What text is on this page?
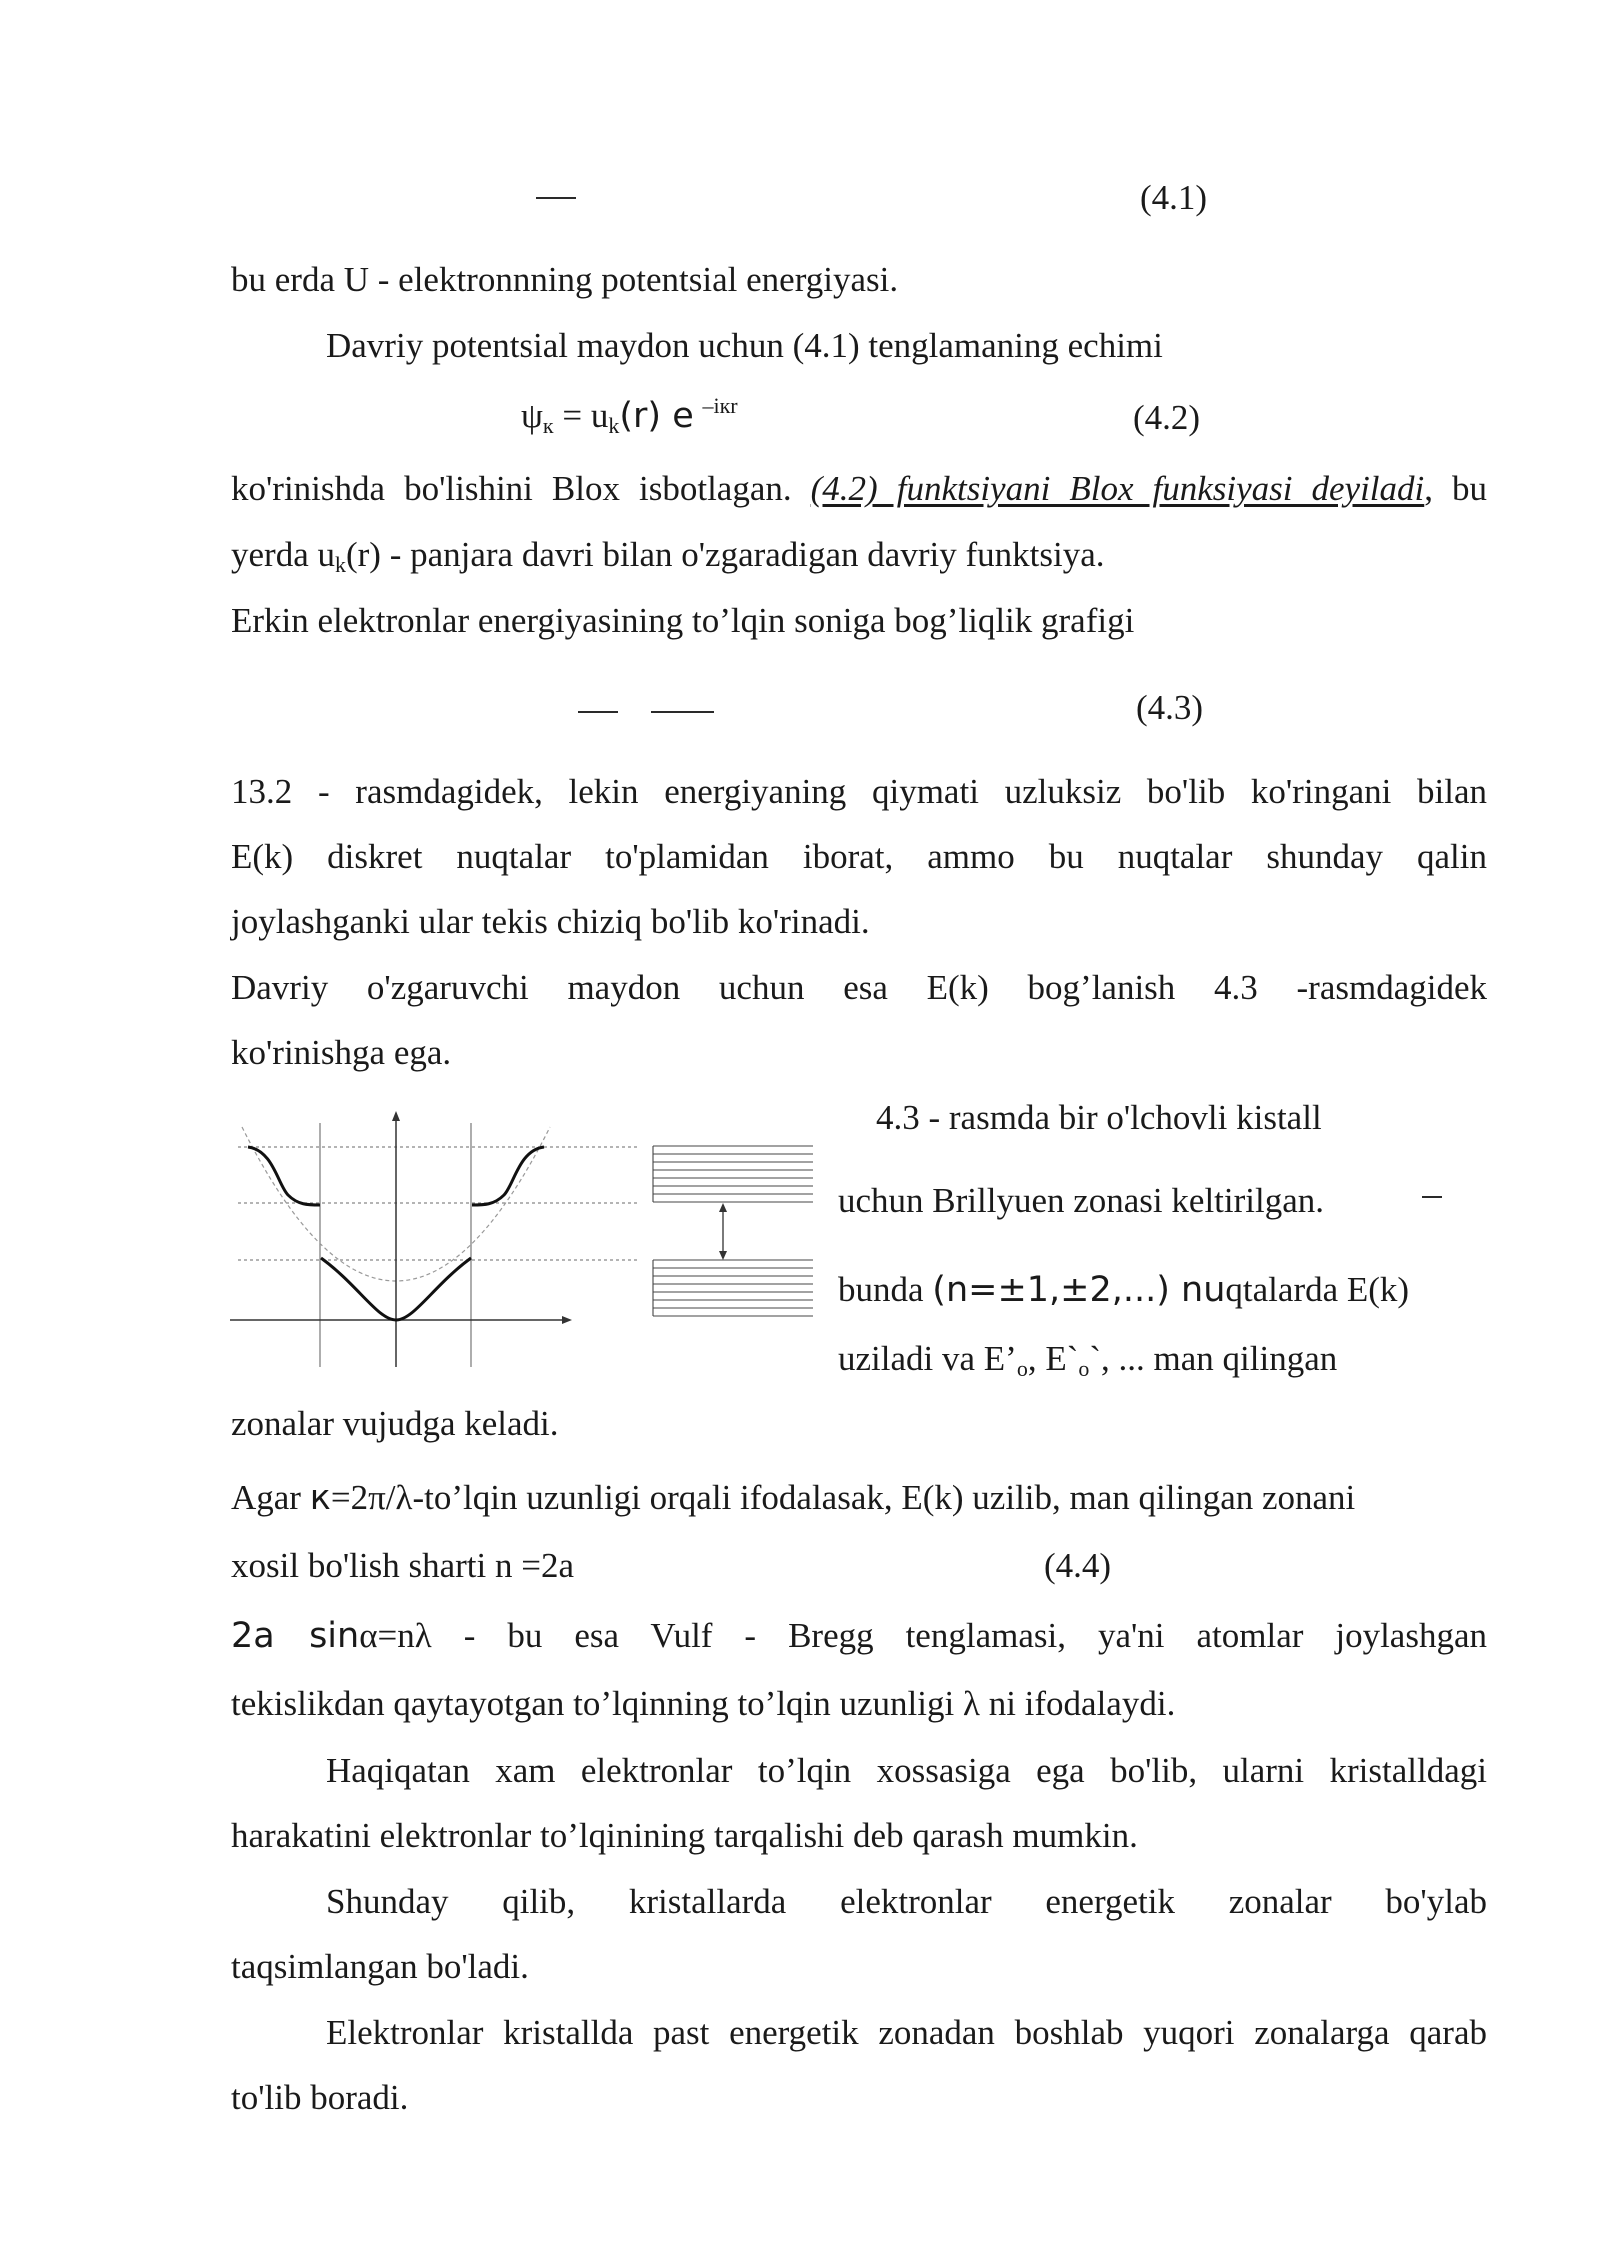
(4.1)
bu erda U - elektronnning potentsial energiyasi.
Davriy potentsial maydon uchun (4.1) tenglamaning echimi
ψк = uk(r) e $^{-iкr}$	(4.2)
ko'rinishda bo'lishini Blox isbotlagan. (4.2) funktsiyani Blox funksiyasi deyiladi, bu
yerda uk(r) - panjara davri bilan o'zgaradigan davriy funktsiya.
Erkin elektronlar energiyasining to’lqin soniga bog’liqlik grafigi
(4.3)
13.2 - rasmdagidek, lekin energiyaning qiymati uzluksiz bo'lib ko'ringani bilan
E(k) diskret nuqtalar to'plamidan iborat, ammo bu nuqtalar shunday qalin
joylashganki ular tekis chiziq bo'lib ko'rinadi.
Davriy o'zgaruvchi maydon uchun esa E(k) bog’lanish 4.3 -rasmdagidek
ko'rinishga ega.
4.3 - rasmda bir o'lchovli kistall
uchun Brillyuen zonasi keltirilgan.
bunda (n=±1,±2,...) nuqtalarda E(k)
uziladi va E’o, E`o`, ... man qilingan
zonalar vujudga keladi.
Agar к=2π/λ-to’lqin uzunligi orqali ifodalasak, E(k) uzilib, man qilingan zonani
xosil bo'lish sharti n =2a	(4.4)
2a sinα=nλ - bu esa Vulf - Bregg tenglamasi, ya'ni atomlar joylashgan
tekislikdan qaytayotgan to’lqinning to’lqin uzunligi λ ni ifodalaydi.
Haqiqatan xam elektronlar to’lqin xossasiga ega bo'lib, ularni kristalldagi
harakatini elektronlar to’lqinining tarqalishi deb qarash mumkin.
Shunday qilib, kristallarda elektronlar energetik zonalar bo'ylab
taqsimlangan bo'ladi.
Elektronlar kristallda past energetik zonadan boshlab yuqori zonalarga qarab
to'lib boradi.
